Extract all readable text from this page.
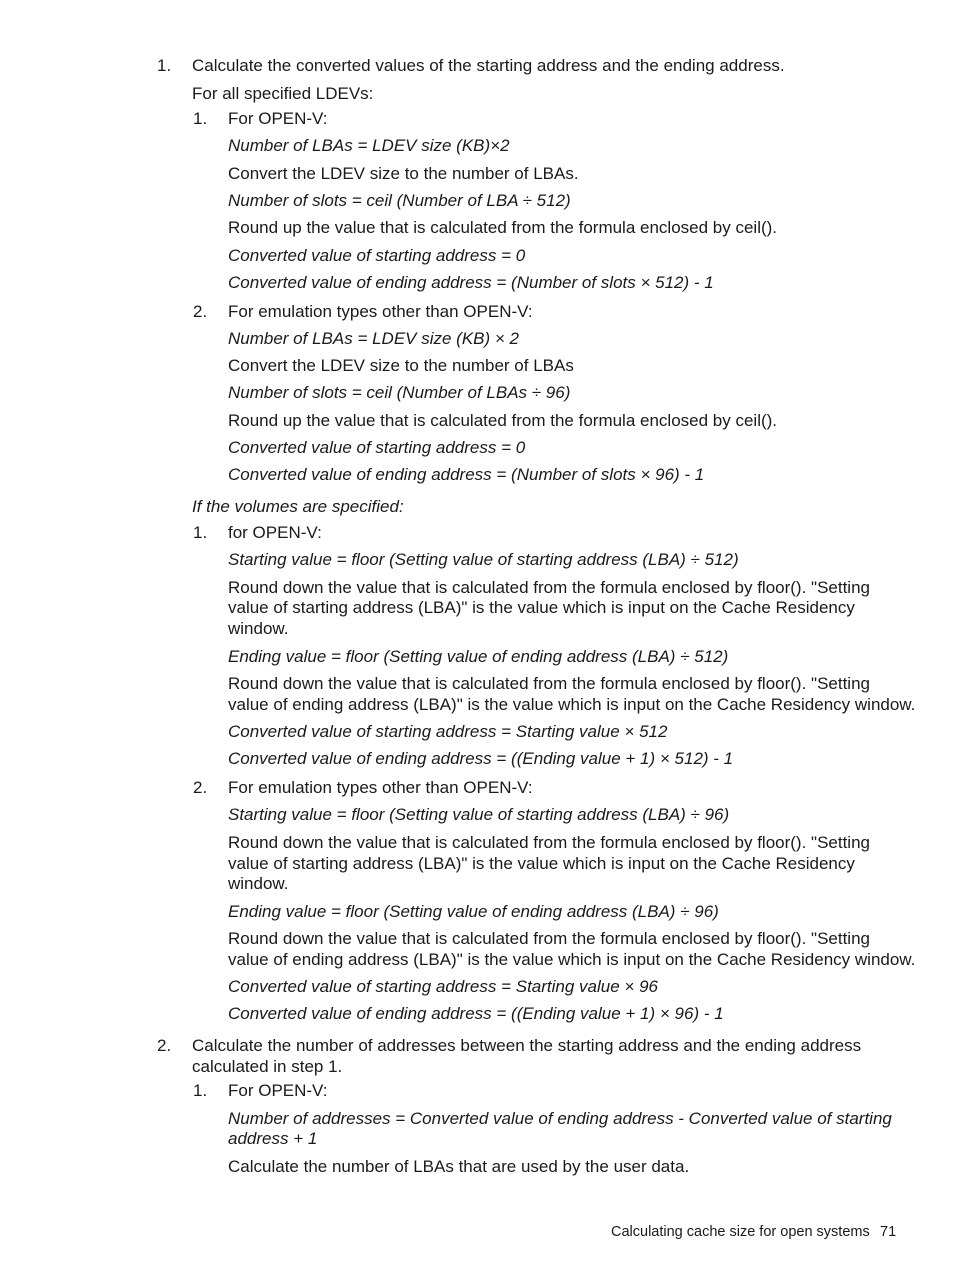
1. Calculate the converted values of the starting address and the ending address.
For all specified LDEVs:
1. For OPEN-V:
Number of LBAs = LDEV size (KB)×2
Convert the LDEV size to the number of LBAs.
Number of slots = ceil (Number of LBA ÷ 512)
Round up the value that is calculated from the formula enclosed by ceil().
Converted value of starting address = 0
Converted value of ending address = (Number of slots × 512) - 1
2. For emulation types other than OPEN-V:
Number of LBAs = LDEV size (KB) × 2
Convert the LDEV size to the number of LBAs
Number of slots = ceil (Number of LBAs ÷ 96)
Round up the value that is calculated from the formula enclosed by ceil().
Converted value of starting address = 0
Converted value of ending address = (Number of slots × 96) - 1
If the volumes are specified:
1. for OPEN-V:
Starting value = floor (Setting value of starting address (LBA) ÷ 512)
Round down the value that is calculated from the formula enclosed by floor(). "Setting
value of starting address (LBA)" is the value which is input on the Cache Residency
window.
Ending value = floor (Setting value of ending address (LBA) ÷ 512)
Round down the value that is calculated from the formula enclosed by floor(). "Setting
value of ending address (LBA)" is the value which is input on the Cache Residency window.
Converted value of starting address = Starting value × 512
Converted value of ending address = ((Ending value + 1) × 512) - 1
2. For emulation types other than OPEN-V:
Starting value = floor (Setting value of starting address (LBA) ÷ 96)
Round down the value that is calculated from the formula enclosed by floor(). "Setting
value of starting address (LBA)" is the value which is input on the Cache Residency
window.
Ending value = floor (Setting value of ending address (LBA) ÷ 96)
Round down the value that is calculated from the formula enclosed by floor(). "Setting
value of ending address (LBA)" is the value which is input on the Cache Residency window.
Converted value of starting address = Starting value × 96
Converted value of ending address = ((Ending value + 1) × 96) - 1
2. Calculate the number of addresses between the starting address and the ending address
calculated in step 1.
1. For OPEN-V:
Number of addresses = Converted value of ending address - Converted value of starting
address + 1
Calculate the number of LBAs that are used by the user data.
Calculating cache size for open systems 71
